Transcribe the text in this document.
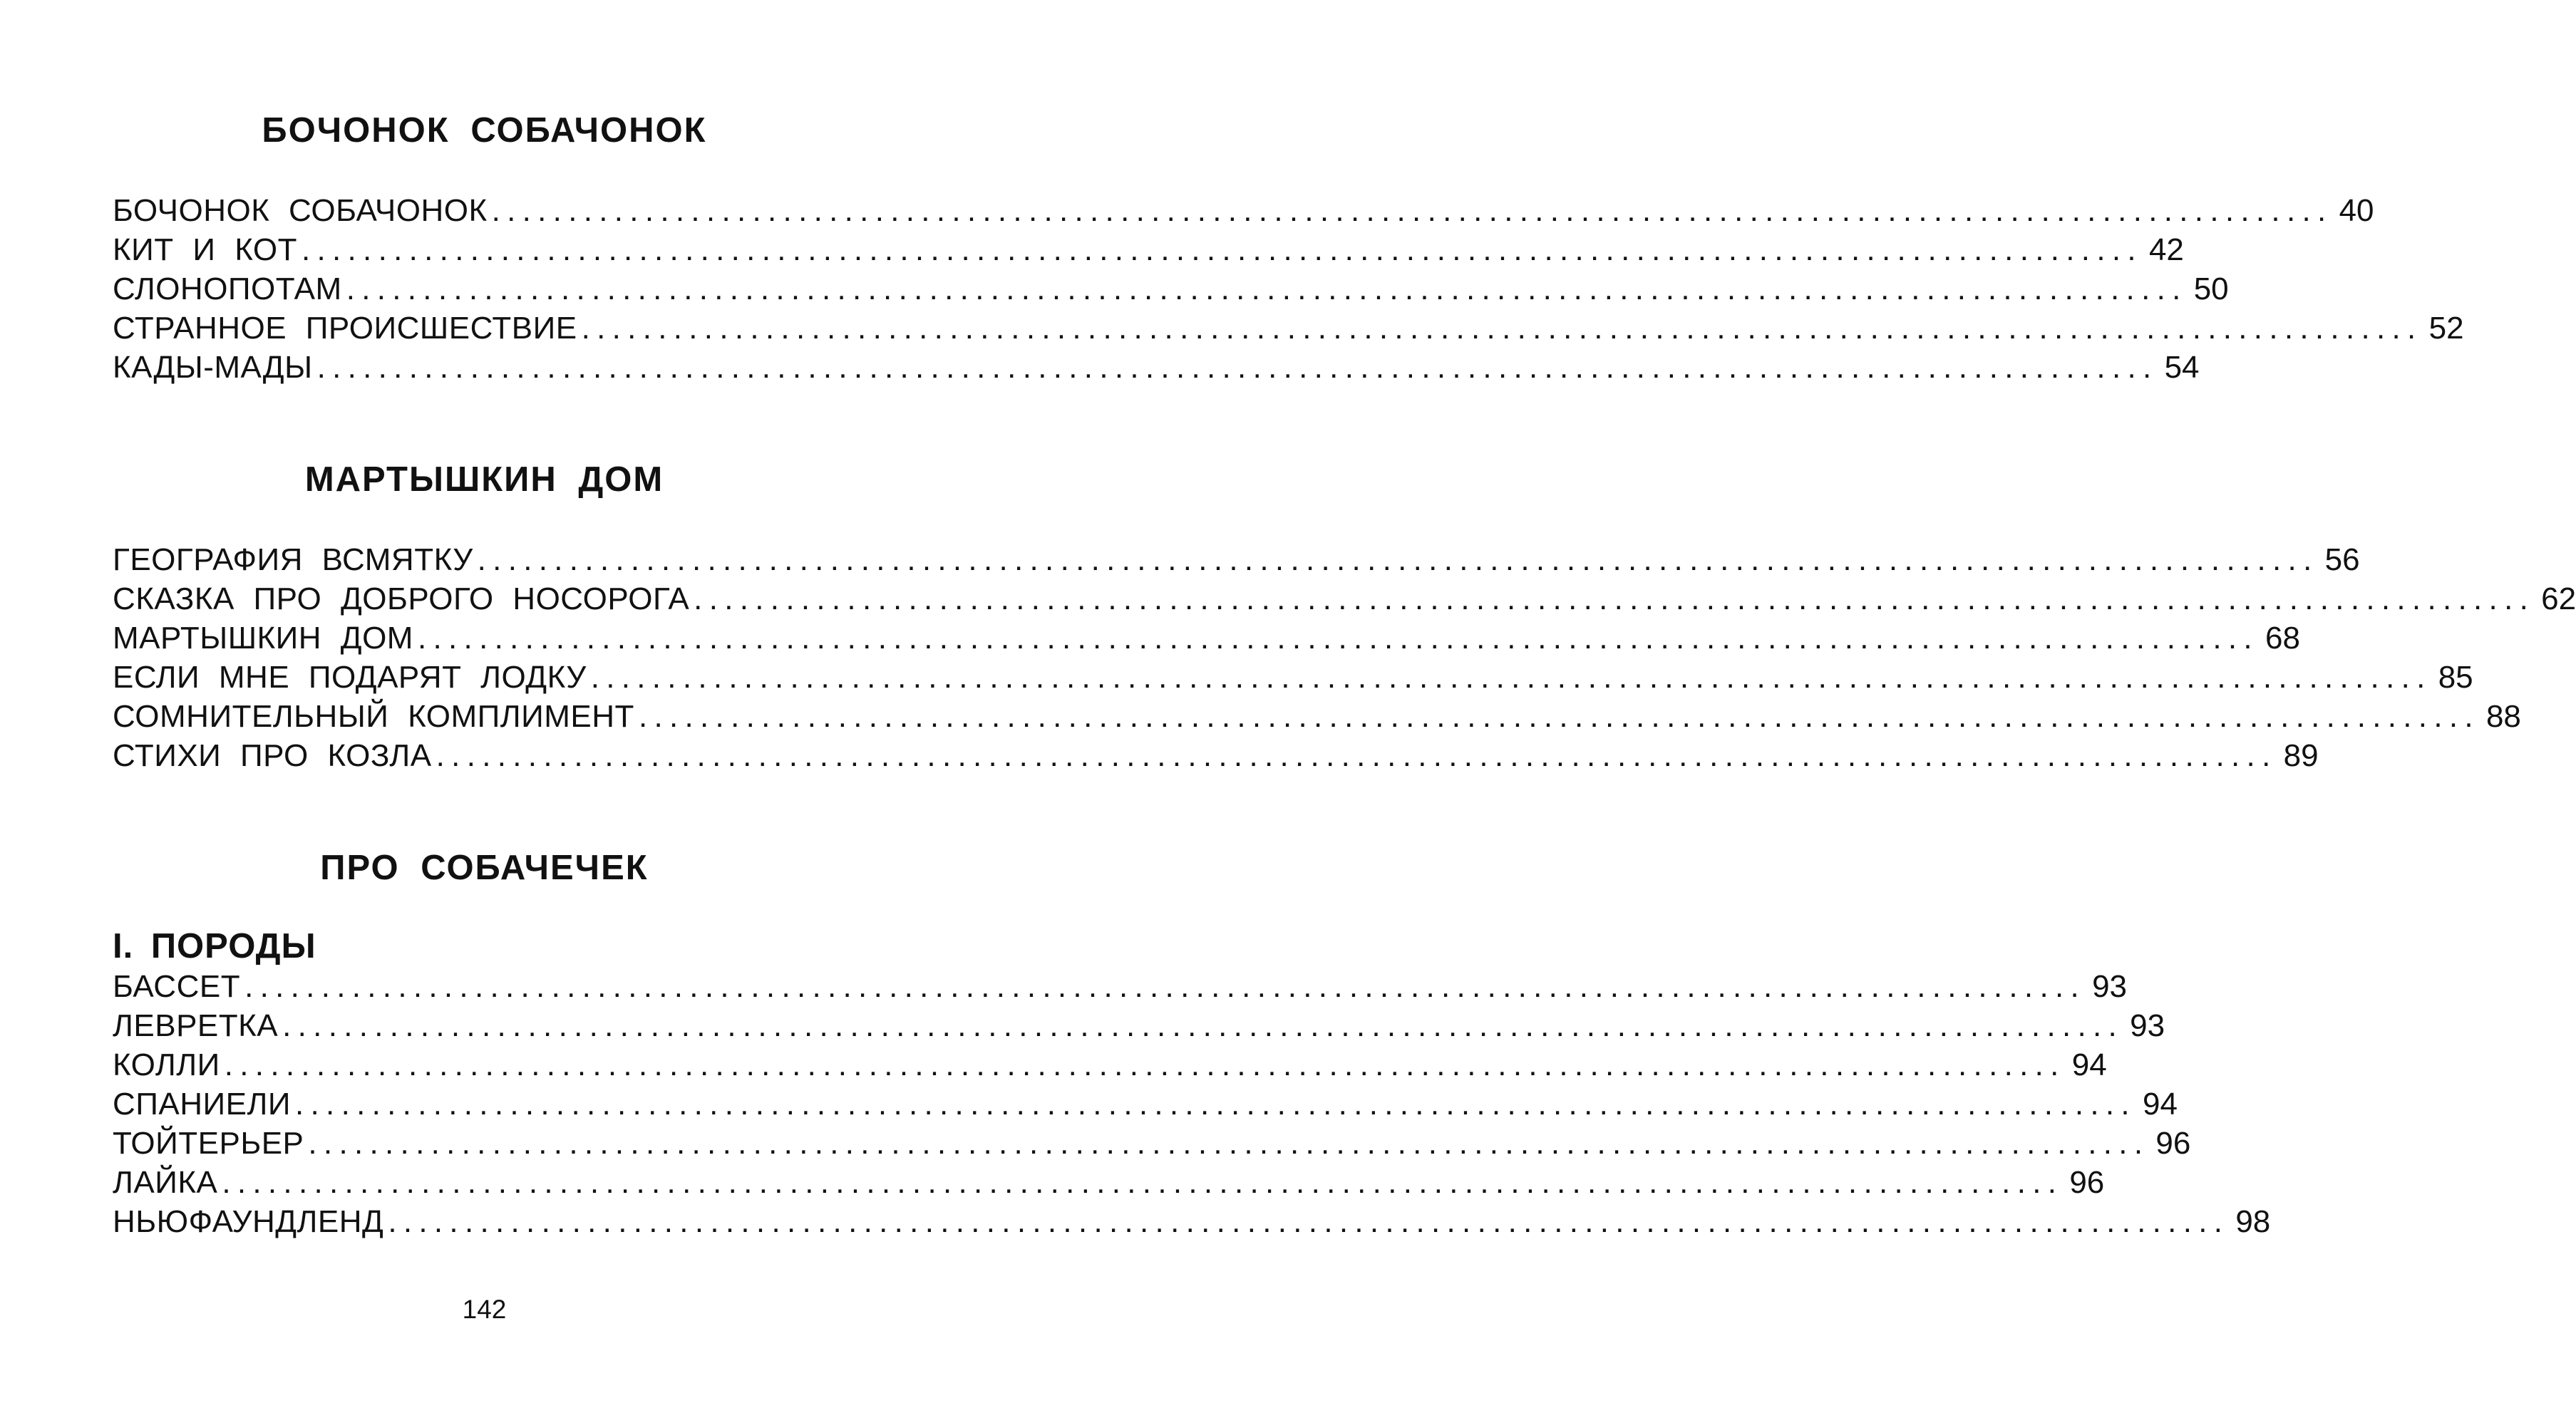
БОЧОНОК СОБАЧОНОК
БОЧОНОК СОБАЧОНОК ........................................................................................................................ 40
КИТ И КОТ ........................................................................................................................ 42
СЛОНОПОТАМ ........................................................................................................................ 50
СТРАННОЕ ПРОИСШЕСТВИЕ ........................................................................................................................ 52
КАДЫ-МАДЫ ........................................................................................................................ 54
МАРТЫШКИН ДОМ
ГЕОГРАФИЯ ВСМЯТКУ ........................................................................................................................ 56
СКАЗКА ПРО ДОБРОГО НОСОРОГА ........................................................................................................................ 62
МАРТЫШКИН ДОМ ........................................................................................................................ 68
ЕСЛИ МНЕ ПОДАРЯТ ЛОДКУ ........................................................................................................................ 85
СОМНИТЕЛЬНЫЙ КОМПЛИМЕНТ ........................................................................................................................ 88
СТИХИ ПРО КОЗЛА ........................................................................................................................ 89
ПРО СОБАЧЕЧЕК
I. ПОРОДЫ
БАССЕТ ........................................................................................................................ 93
ЛЕВРЕТКА ........................................................................................................................ 93
КОЛЛИ ........................................................................................................................ 94
СПАНИЕЛИ ........................................................................................................................ 94
ТОЙТЕРЬЕР ........................................................................................................................ 96
ЛАЙКА ........................................................................................................................ 96
НЬЮФАУНДЛЕНД ........................................................................................................................ 98
142
